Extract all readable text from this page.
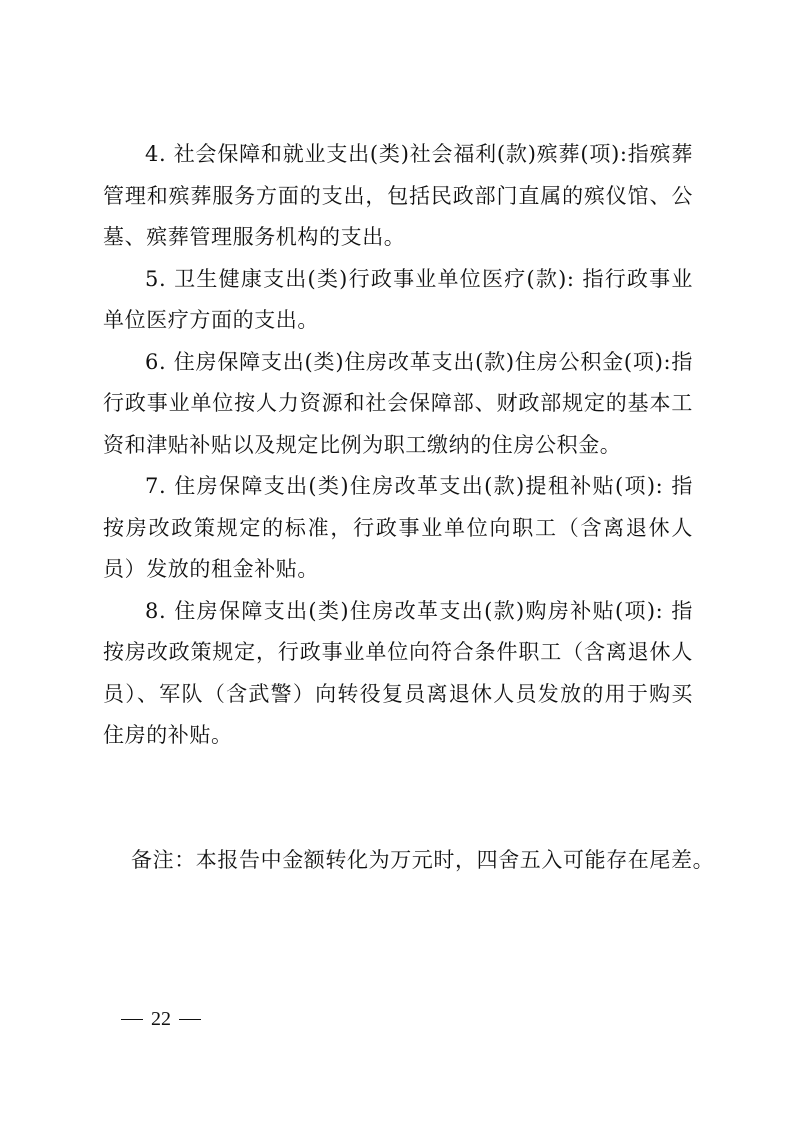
4. 社会保障和就业支出(类)社会福利(款)殡葬(项):指殡葬管理和殡葬服务方面的支出，包括民政部门直属的殡仪馆、公墓、殡葬管理服务机构的支出。

5. 卫生健康支出(类)行政事业单位医疗(款): 指行政事业单位医疗方面的支出。

6. 住房保障支出(类)住房改革支出(款)住房公积金(项):指行政事业单位按人力资源和社会保障部、财政部规定的基本工资和津贴补贴以及规定比例为职工缴纳的住房公积金。

7. 住房保障支出(类)住房改革支出(款)提租补贴(项): 指按房改政策规定的标准，行政事业单位向职工（含离退休人员）发放的租金补贴。

8. 住房保障支出(类)住房改革支出(款)购房补贴(项): 指按房改政策规定，行政事业单位向符合条件职工（含离退休人员）、军队（含武警）向转役复员离退休人员发放的用于购买住房的补贴。

备注：本报告中金额转化为万元时，四舍五入可能存在尾差。

22
